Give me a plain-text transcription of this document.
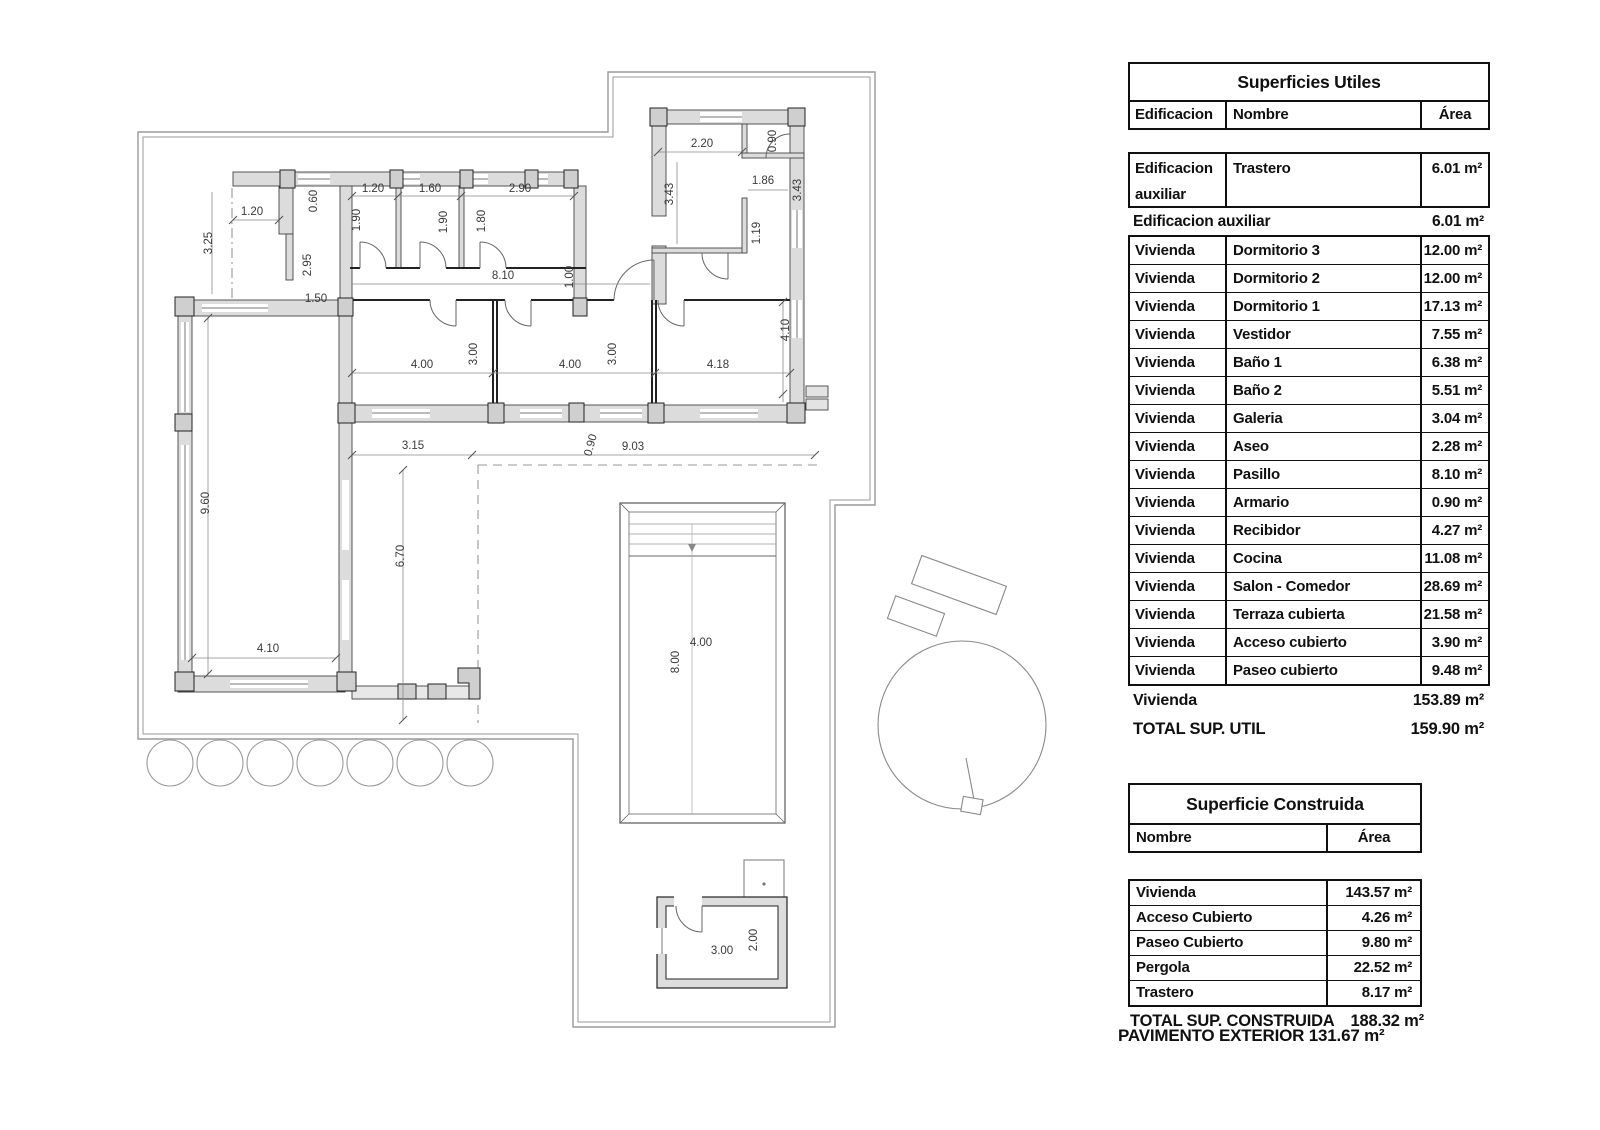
1.20
3.25
0.60
1.20
1.90
1.60
1.90
2.90
1.80
2.20	0.90
3.43
1.86 3.43
1.19
2.95	8.10	1.00
1.50
4.10
4.00	3.00	4.00 3.00	4.18
3.15	0.90 9.03
9.60
6.70
4.10	4.00
8.00
3.00 2.00
Superficies Utiles
Edificacion	Nombre	Área
Edificacion auxiliar
Trastero	6.01 m²
Edificacion auxiliar	6.01 m²
Vivienda	Dormitorio 3	12.00 m²
Vivienda	Dormitorio 2	12.00 m²
Vivienda	Dormitorio 1	17.13 m²
Vivienda	Vestidor	7.55 m²
Vivienda	Baño 1	6.38 m²
Vivienda	Baño 2	5.51 m²
Vivienda	Galeria	3.04 m²
Vivienda	Aseo	2.28 m²
Vivienda	Pasillo	8.10 m²
Vivienda	Armario	0.90 m²
Vivienda	Recibidor	4.27 m²
Vivienda	Cocina	11.08 m²
Vivienda	Salon - Comedor	28.69 m²
Vivienda	Terraza cubierta	21.58 m²
Vivienda	Acceso cubierto	3.90 m²
Vivienda	Paseo cubierto	9.48 m²
Vivienda	153.89 m²
TOTAL SUP. UTIL	159.90 m²
Superficie Construida
Nombre	Área
Vivienda	143.57 m²
Acceso Cubierto	4.26 m²
Paseo Cubierto	9.80 m²
Pergola	22.52 m²
Trastero	8.17 m²
TOTAL SUP. CONSTRUIDA 188.32 m²
PAVIMENTO EXTERIOR 131.67 m²
